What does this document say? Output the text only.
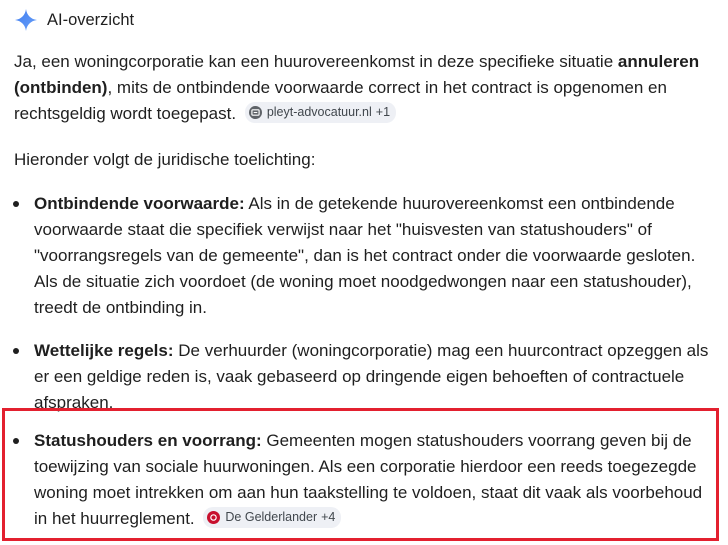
AI-overzicht
Ja, een woningcorporatie kan een huurovereenkomst in deze specifieke situatie annuleren (ontbinden), mits de ontbindende voorwaarde correct in het contract is opgenomen en rechtsgeldig wordt toegepast. pleyt-advocatuur.nl +1
Hieronder volgt de juridische toelichting:
Ontbindende voorwaarde: Als in de getekende huurovereenkomst een ontbindende voorwaarde staat die specifiek verwijst naar het "huisvesten van statushouders" of "voorrangsregels van de gemeente", dan is het contract onder die voorwaarde gesloten. Als de situatie zich voordoet (de woning moet noodgedwongen naar een statushouder), treedt de ontbinding in.
Wettelijke regels: De verhuurder (woningcorporatie) mag een huurcontract opzeggen als er een geldige reden is, vaak gebaseerd op dringende eigen behoeften of contractuele afspraken.
Statushouders en voorrang: Gemeenten mogen statushouders voorrang geven bij de toewijzing van sociale huurwoningen. Als een corporatie hierdoor een reeds toegezegde woning moet intrekken om aan hun taakstelling te voldoen, staat dit vaak als voorbehoud in het huurreglement. De Gelderlander +4
